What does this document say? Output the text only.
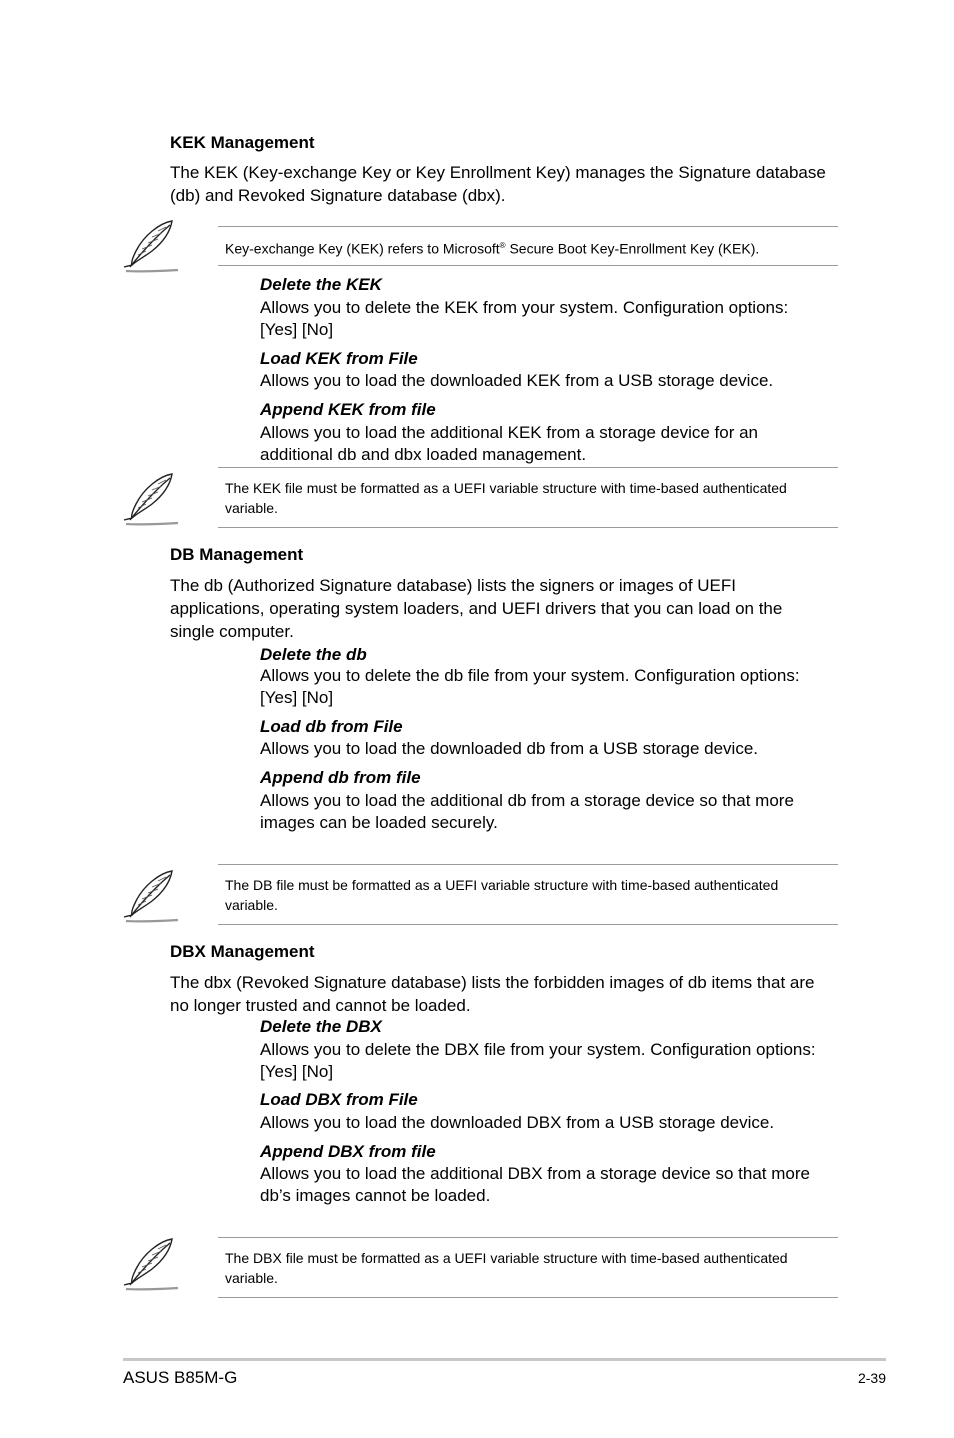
KEK Management
The KEK (Key-exchange Key or Key Enrollment Key) manages the Signature database
(db) and Revoked Signature database (dbx).
Key-exchange Key (KEK) refers to Microsoft® Secure Boot Key-Enrollment Key (KEK).
Delete the KEK
Allows you to delete the KEK from your system. Configuration options:
[Yes] [No]
Load KEK from File
Allows you to load the downloaded KEK from a USB storage device.
Append KEK from file
Allows you to load the additional KEK from a storage device for an
additional db and dbx loaded management.
The KEK file must be formatted as a UEFI variable structure with time-based authenticated
variable.
DB Management
The db (Authorized Signature database) lists the signers or images of UEFI
applications, operating system loaders, and UEFI drivers that you can load on the
single computer.
Delete the db
Allows you to delete the db file from your system. Configuration options:
[Yes] [No]
Load db from File
Allows you to load the downloaded db from a USB storage device.
Append db from file
Allows you to load the additional db from a storage device so that more
images can be loaded securely.
The DB file must be formatted as a UEFI variable structure with time-based authenticated
variable.
DBX Management
The dbx (Revoked Signature database) lists the forbidden images of db items that are
no longer trusted and cannot be loaded.
Delete the DBX
Allows you to delete the DBX file from your system. Configuration options:
[Yes] [No]
Load DBX from File
Allows you to load the downloaded DBX from a USB storage device.
Append DBX from file
Allows you to load the additional DBX from a storage device so that more
db’s images cannot be loaded.
The DBX file must be formatted as a UEFI variable structure with time-based authenticated
variable.
ASUS B85M-G	2-39
